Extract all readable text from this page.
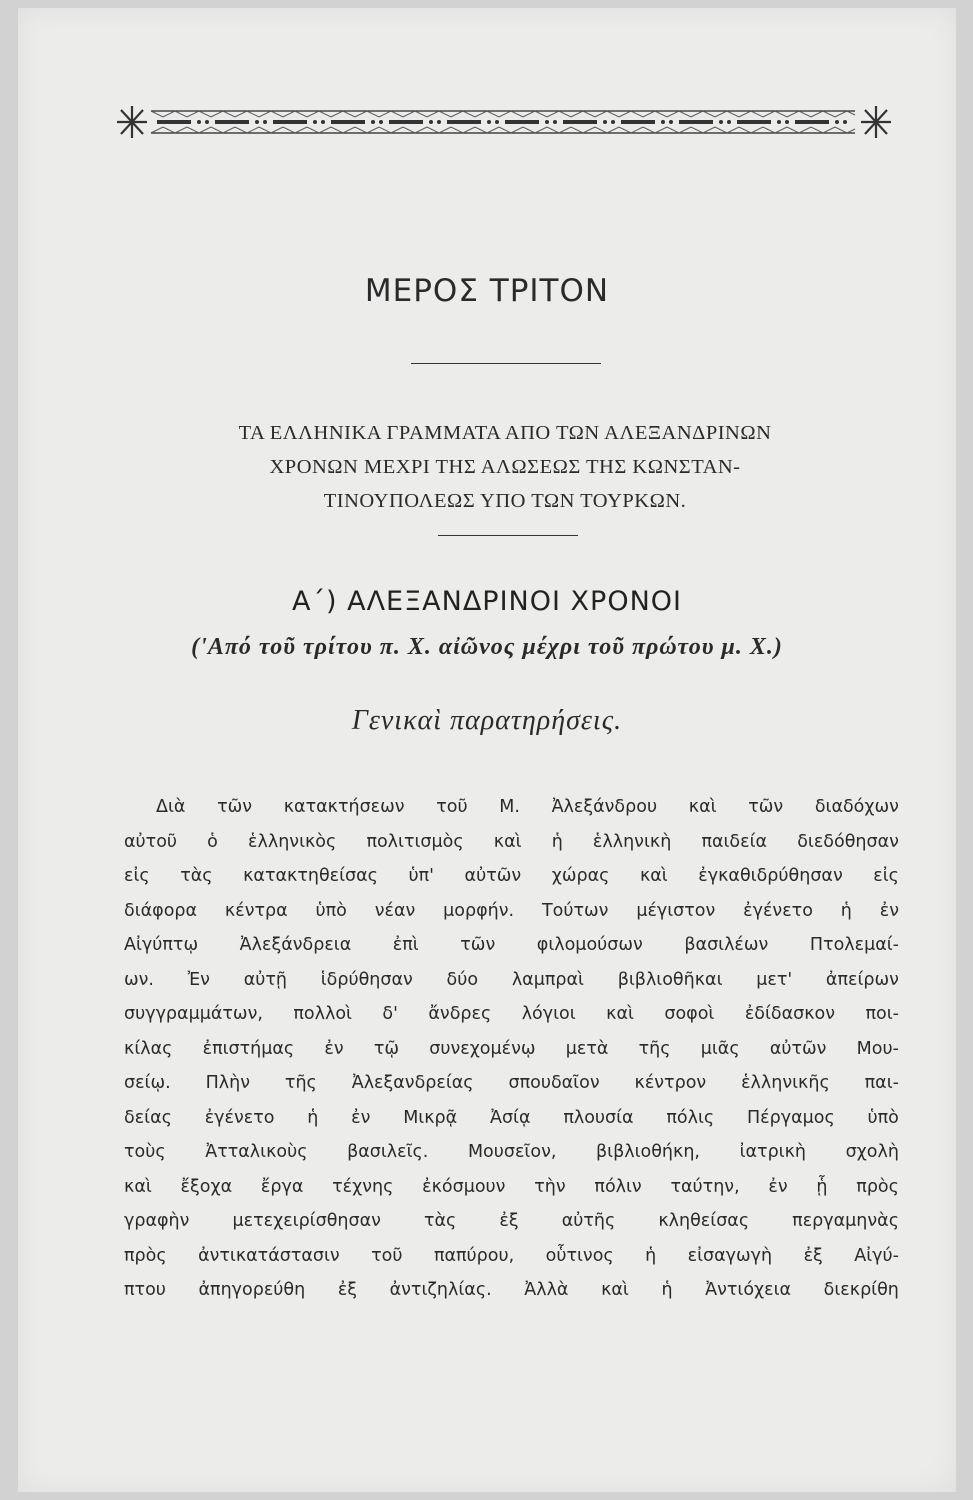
ΜΕΡΟΣ ΤΡΙΤΟΝ
ΤΑ ΕΛΛΗΝΙΚΑ ΓΡΑΜΜΑΤΑ ΑΠΟ ΤΩΝ ΑΛΕΞΑΝΔΡΙΝΩΝ
ΧΡΟΝΩΝ ΜΕΧΡΙ ΤΗΣ ΑΛΩΣΕΩΣ ΤΗΣ ΚΩΝΣΤΑΝ-
ΤΙΝΟΥΠΟΛΕΩΣ ΥΠΟ ΤΩΝ ΤΟΥΡΚΩΝ.
Α΄) ΑΛΕΞΑΝΔΡΙΝΟΙ ΧΡΟΝΟΙ
('Από τοῦ τρίτου π. Χ. αἰῶνος μέχρι τοῦ πρώτου μ. Χ.)
Γενικαὶ παρατηρήσεις.
Διὰ τῶν κατακτήσεων τοῦ Μ. Ἀλεξάνδρου καὶ τῶν διαδόχων
αὐτοῦ ὁ ἑλληνικὸς πολιτισμὸς καὶ ἡ ἑλληνικὴ παιδεία διεδόθησαν
εἰς τὰς κατακτηθείσας ὑπ' αὐτῶν χώρας καὶ ἐγκαθιδρύθησαν εἰς
διάφορα κέντρα ὑπὸ νέαν μορφήν. Τούτων μέγιστον ἐγένετο ἡ ἐν
Αἰγύπτῳ Ἀλεξάνδρεια ἐπὶ τῶν φιλομούσων βασιλέων Πτολεμαί-
ων. Ἐν αὐτῇ ἱδρύθησαν δύο λαμπραὶ βιβλιοθῆκαι μετ' ἀπείρων
συγγραμμάτων, πολλοὶ δ' ἄνδρες λόγιοι καὶ σοφοὶ ἐδίδασκον ποι-
κίλας ἐπιστήμας ἐν τῷ συνεχομένῳ μετὰ τῆς μιᾶς αὐτῶν Μου-
σείῳ. Πλὴν τῆς Ἀλεξανδρείας σπουδαῖον κέντρον ἑλληνικῆς παι-
δείας ἐγένετο ἡ ἐν Μικρᾷ Ἀσίᾳ πλουσία πόλις Πέργαμος ὑπὸ
τοὺς Ἀτταλικοὺς βασιλεῖς. Μουσεῖον, βιβλιοθήκη, ἰατρικὴ σχολὴ
καὶ ἔξοχα ἔργα τέχνης ἐκόσμουν τὴν πόλιν ταύτην, ἐν ᾗ πρὸς
γραφὴν μετεχειρίσθησαν τὰς ἐξ αὐτῆς κληθείσας περγαμηνὰς
πρὸς ἀντικατάστασιν τοῦ παπύρου, οὗτινος ἡ εἰσαγωγὴ ἐξ Αἰγύ-
πτου ἀπηγορεύθη ἐξ ἀντιζηλίας. Ἀλλὰ καὶ ἡ Ἀντιόχεια διεκρίθη
